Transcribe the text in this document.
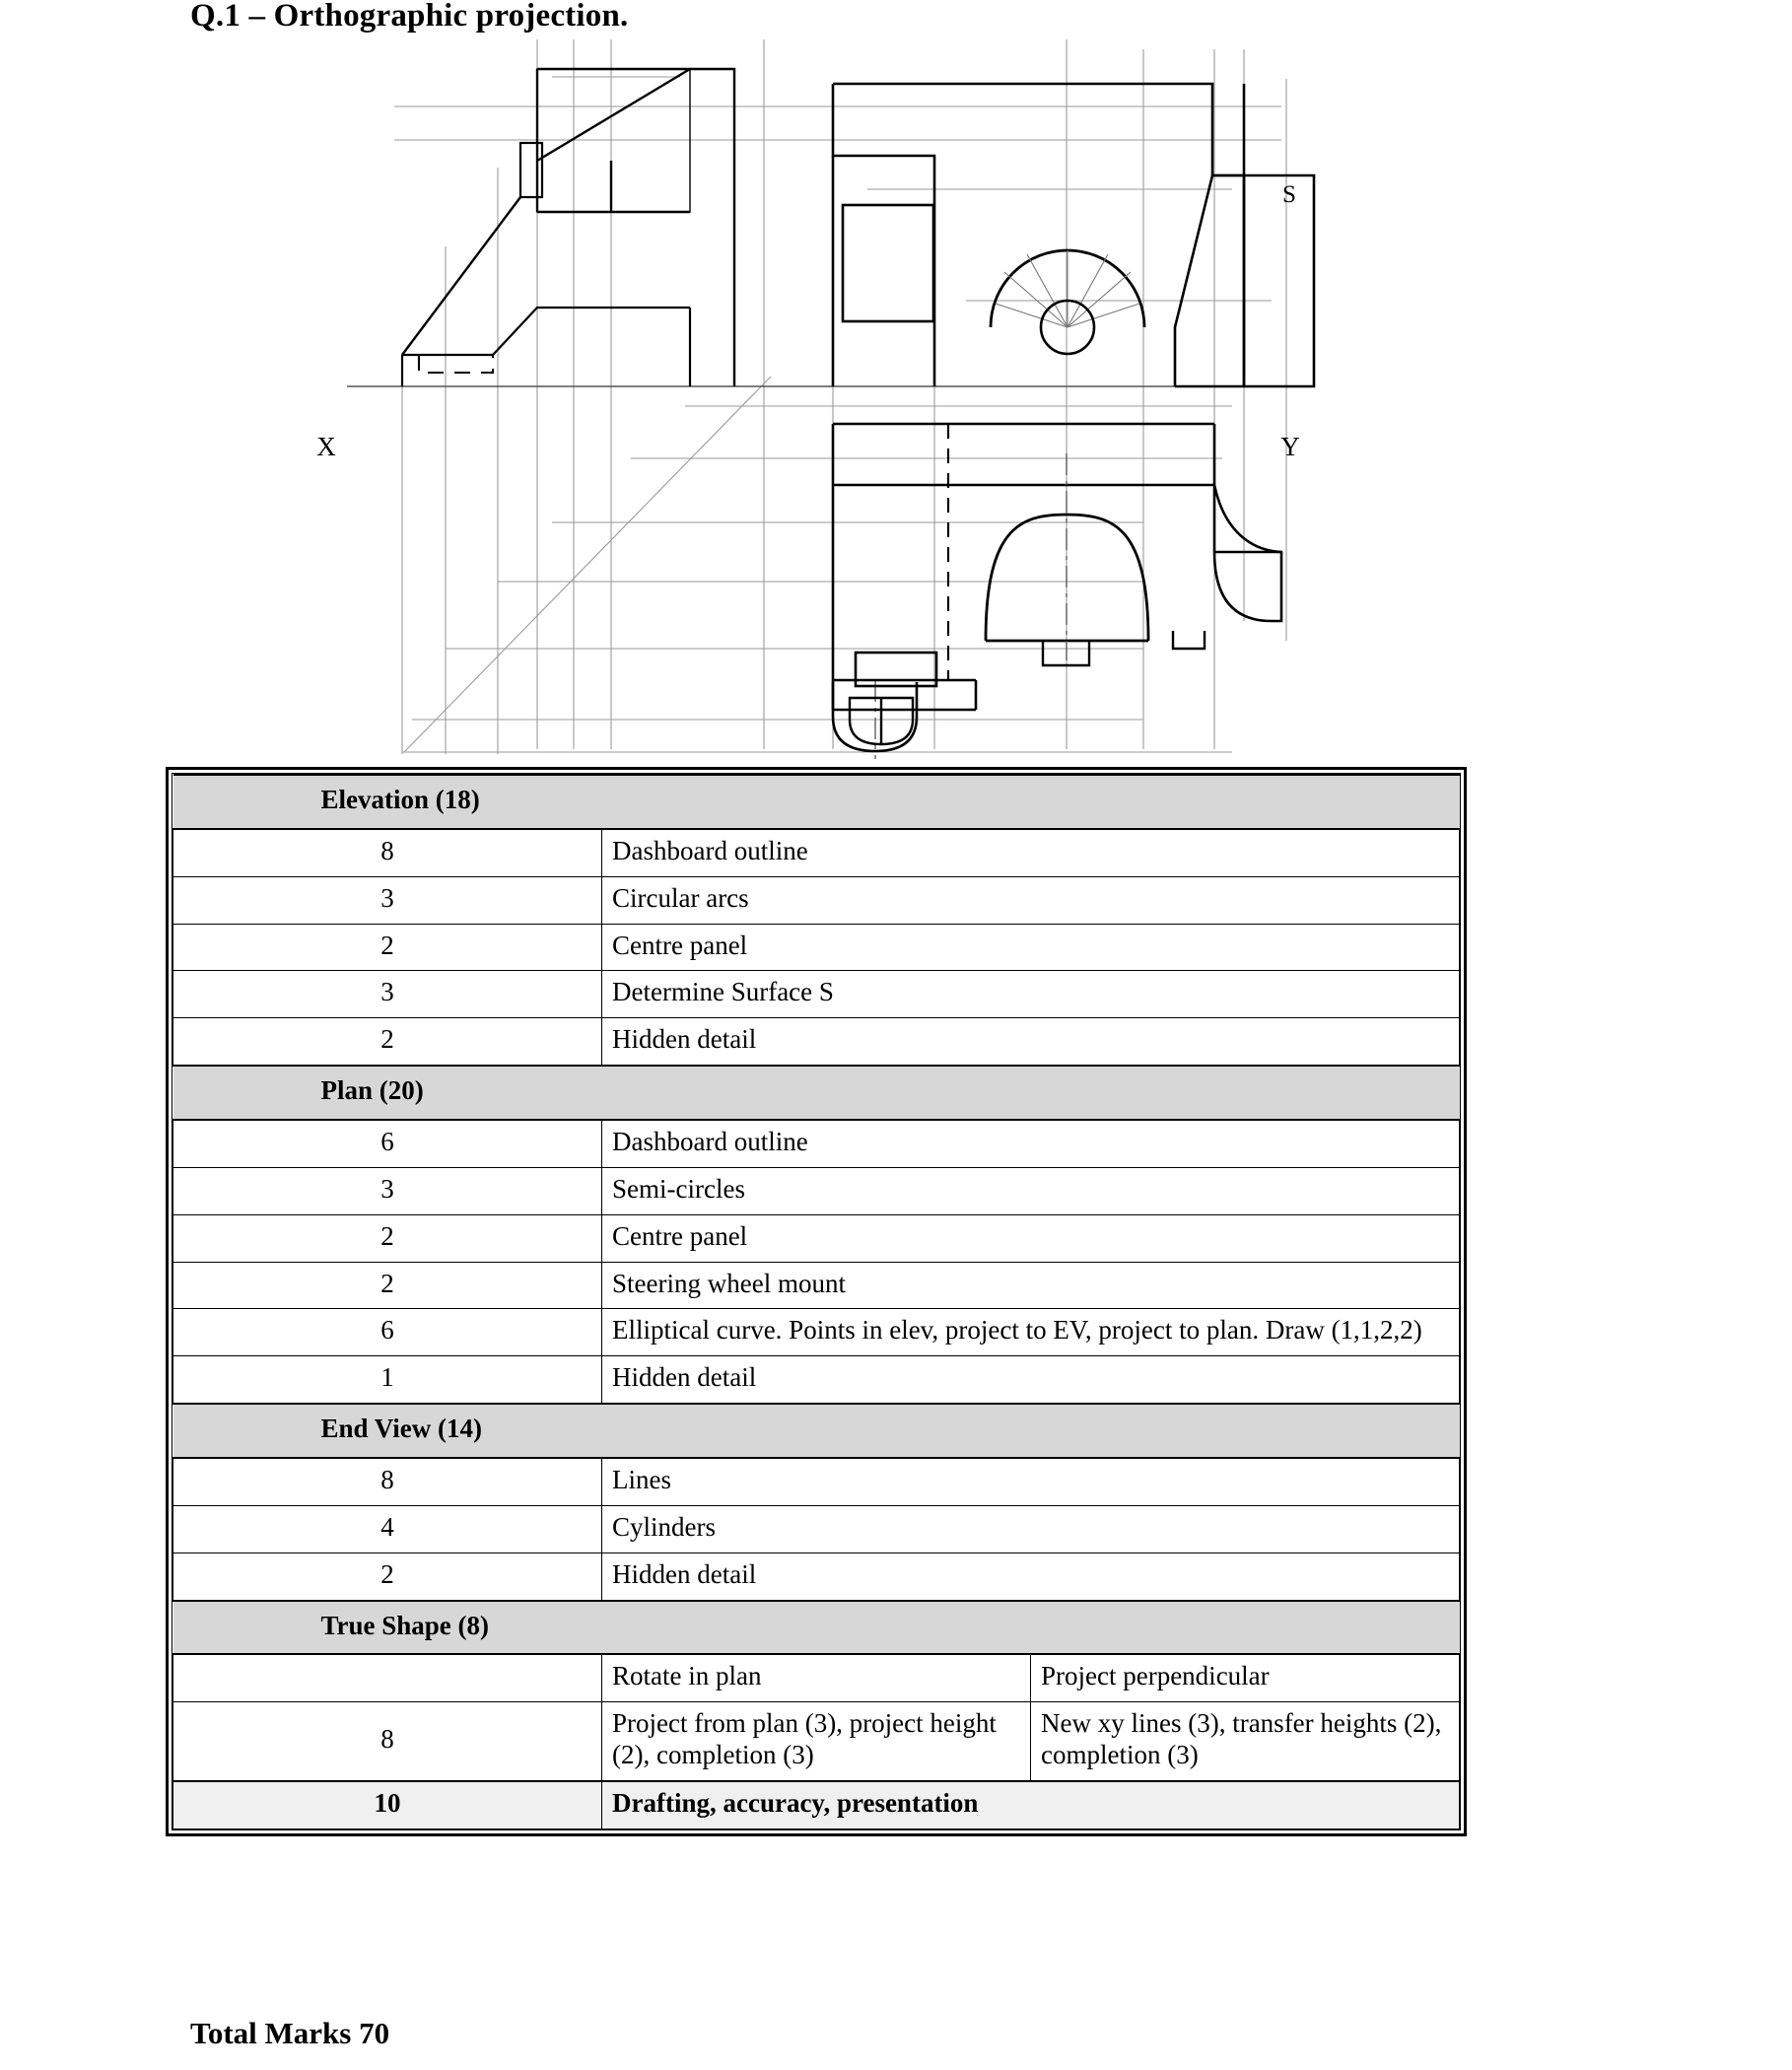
Q.1 – Orthographic projection.
S
X	Y
Elevation (18)		
8	Dashboard outline	
3	Circular arcs	
2	Centre panel	
3	Determine Surface S	
2	Hidden detail	
Plan (20)		
6	Dashboard outline	
3	Semi-circles	
2	Centre panel	
2	Steering wheel mount	
6	Elliptical curve. Points in elev, project to EV, project to plan. Draw (1,1,2,2)	
1	Hidden detail	
End View (14)		
8	Lines	
4	Cylinders	
2	Hidden detail	
True Shape (8)		
	Rotate in plan	Project perpendicular
8	Project from plan (3), project height (2), completion (3)	New xy lines (3), transfer heights (2), completion (3)
10	Drafting, accuracy, presentation	
Total Marks 70
